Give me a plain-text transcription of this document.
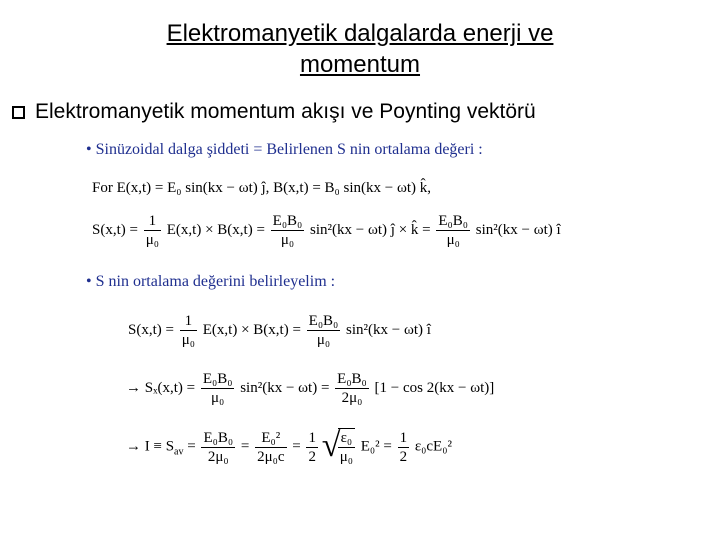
Elektromanyetik dalgalarda enerji ve
momentum
Elektromanyetik momentum akışı ve Poynting vektörü
• Sinüzoidal dalga şiddeti = Belirlenen S nin ortalama değeri :
For E(x,t) = E₀ sin(kx − ωt) ĵ, B(x,t) = B₀ sin(kx − ωt) k̂,
$S(x,t) = \frac{1}{\text{μ₀}} E(x,t) \times B(x,t) = \frac{\text{E₀B₀}}{\text{μ₀}} \sin^2(kx - \omega t)$ ĵ × k̂ = $\frac{\text{E₀B₀}}{\text{μ₀}} \sin^2(kx - \omega t)$ î
• S nin ortalama değerini belirleyelim :
$S(x,t) = \frac{1}{\text{μ₀}} E(x,t) \times B(x,t) = \frac{\text{E₀B₀}}{\text{μ₀}} \sin^2(kx - \omega t)$ î
→ $S_x(x,t) = \frac{\text{E₀B₀}}{\text{μ₀}} \sin^2(kx - \omega t) = \frac{\text{E₀B₀}}{\text{2μ₀}} [1 - \cos 2(kx - \omega t)]$
→ $I \equiv S_{av} = \frac{\text{E₀B₀}}{\text{2μ₀}} = \frac{\text{E₀²}}{\text{2μ₀c}} = \frac{1}{2}$

√ $\frac{\text{ε₀}}{\text{μ₀}} E_0^2 = \frac{1}{2} \varepsilon_0cE_0^2$
